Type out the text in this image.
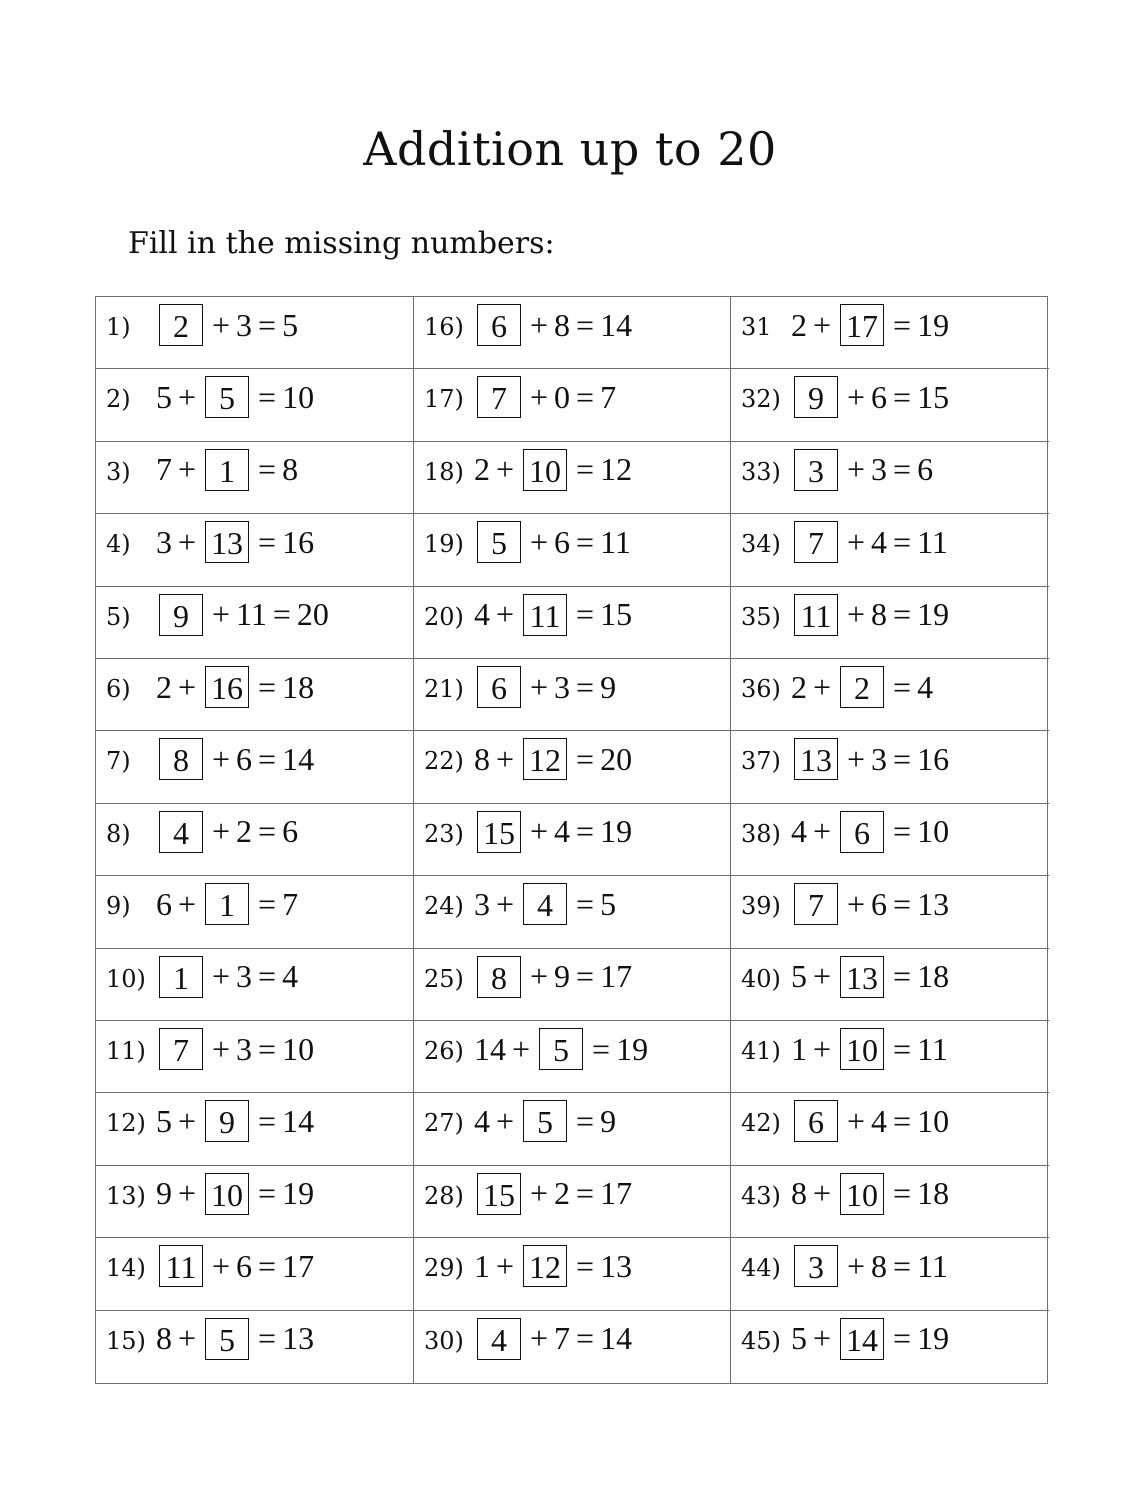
Addition up to 20
Fill in the missing numbers:
1)	2 + 3 = 5	16) 6 + 8 = 14	31 2 + 17 = 19
2) 5 + 5 = 10	17) 7 + 0 = 7	32) 9 + 6 = 15
3) 7 + 1 = 8	18) 2 + 10 = 12	33) 3 + 3 = 6
4) 3 + 13 = 16	19) 5 + 6 = 11	34) 7 + 4 = 11
5)	9 + 11 = 20	20) 4 + 11 = 15	35) 11 + 8 = 19
6) 2 + 16 = 18	21) 6 + 3 = 9	36) 2 + 2 = 4
7)	8 + 6 = 14	22) 8 + 12 = 20	37) 13 + 3 = 16
8)	4 + 2 = 6	23) 15 + 4 = 19	38) 4 + 6 = 10
9) 6 + 1 = 7	24) 3 + 4 = 5	39) 7 + 6 = 13
10) 1 + 3 = 4	25) 8 + 9 = 17	40) 5 + 13 = 18
11) 7 + 3 = 10	26) 14 + 5 = 19	41) 1 + 10 = 11
12) 5 + 9 = 14	27) 4 + 5 = 9	42) 6 + 4 = 10
13) 9 + 10 = 19	28) 15 + 2 = 17	43) 8 + 10 = 18
14) 11 + 6 = 17	29) 1 + 12 = 13	44) 3 + 8 = 11
15) 8 + 5 = 13	30) 4 + 7 = 14	45) 5 + 14 = 19
